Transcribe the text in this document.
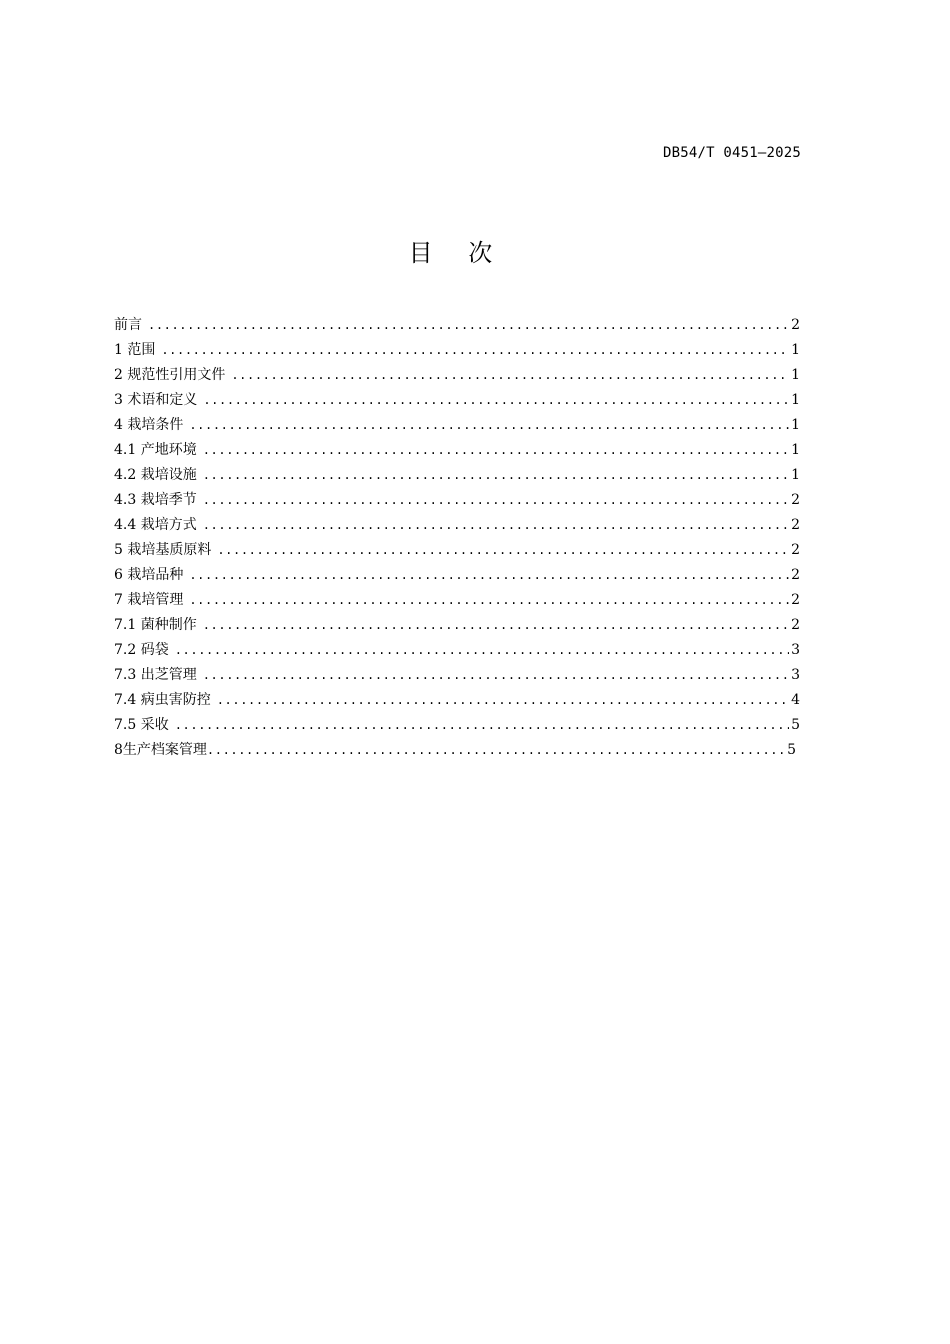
DB54/T 0451—2025
目 次
前言 .....	2
1 范围 .....	1
2 规范性引用文件 .....	1
3 术语和定义 .....	1
4 栽培条件 .....	1
4.1 产地环境 .....	1
4.2 栽培设施 .....	1
4.3 栽培季节 .....	2
4.4 栽培方式 .....	2
5 栽培基质原料 .....	2
6 栽培品种 .....	2
7 栽培管理 .....	2
7.1 菌种制作 .....	2
7.2 码袋 .....	3
7.3 出芝管理 .....	3
7.4 病虫害防控 .....	4
7.5 采收 .....	5
8生产档案管理 .....	5
